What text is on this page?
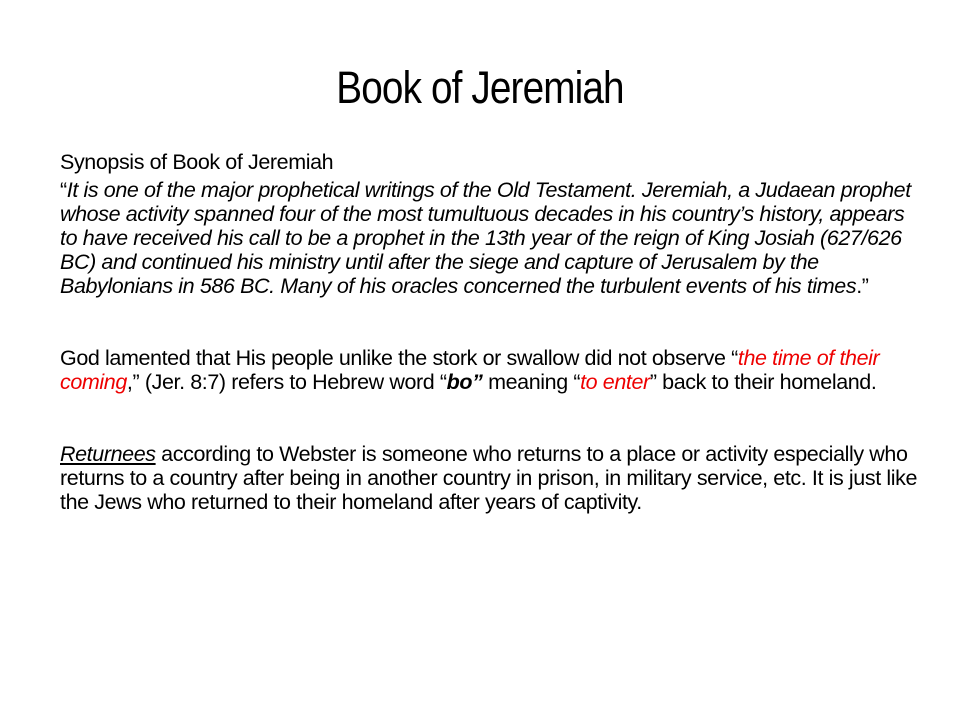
Book of Jeremiah

Synopsis of Book of Jeremiah

“It is one of the major prophetical writings of the Old Testament. Jeremiah, a Judaean prophet whose activity spanned four of the most tumultuous decades in his country’s history, appears to have received his call to be a prophet in the 13th year of the reign of King Josiah (627/626 BC) and continued his ministry until after the siege and capture of Jerusalem by the Babylonians in 586 BC. Many of his oracles concerned the turbulent events of his times.”

God lamented that His people unlike the stork or swallow did not observe “the time of their coming,” (Jer. 8:7) refers to Hebrew word “bo” meaning “to enter” back to their homeland.

Returnees according to Webster is someone who returns to a place or activity especially who returns to a country after being in another country in prison, in military service, etc. It is just like the Jews who returned to their homeland after years of captivity.
